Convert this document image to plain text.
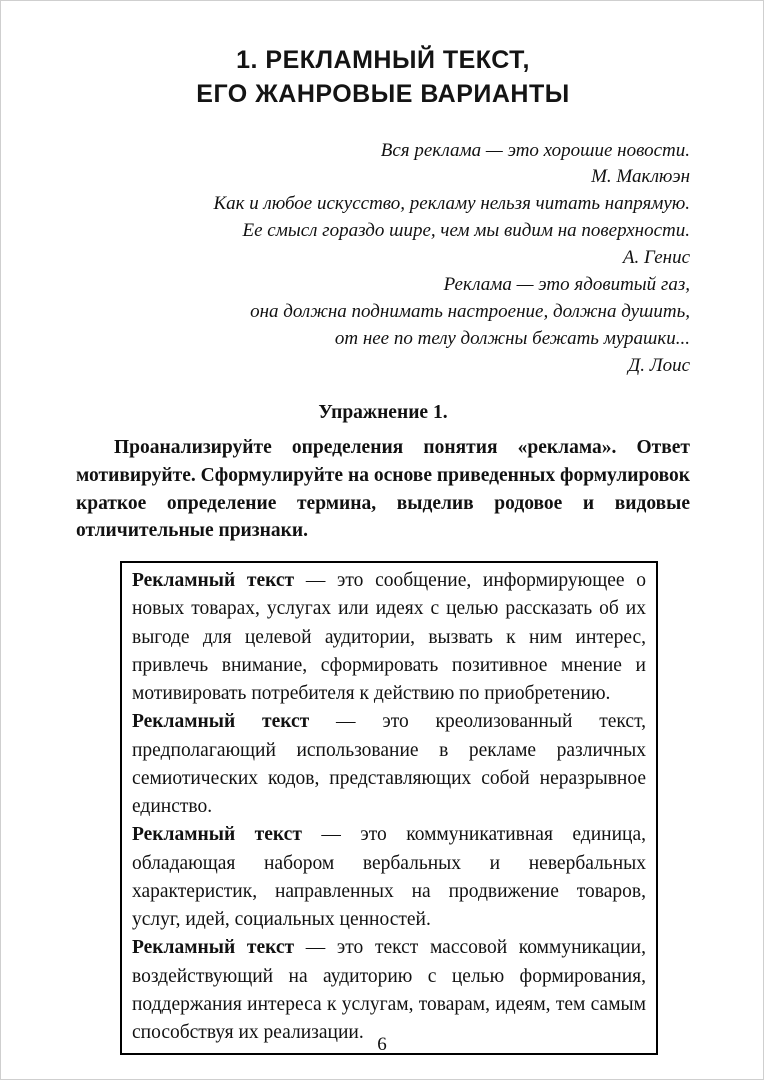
1. РЕКЛАМНЫЙ ТЕКСТ,
ЕГО ЖАНРОВЫЕ ВАРИАНТЫ
Вся реклама — это хорошие новости.
М. Маклюэн
Как и любое искусство, рекламу нельзя читать напрямую.
Ее смысл гораздо шире, чем мы видим на поверхности.
А. Генис
Реклама — это ядовитый газ,
она должна поднимать настроение, должна душить,
от нее по телу должны бежать мурашки...
Д. Лоис
Упражнение 1.

Проанализируйте определения понятия «реклама». Ответ мотивируйте. Сформулируйте на основе приведенных формулировок краткое определение термина, выделив родовое и видовые отличительные признаки.

Рекламный текст — это сообщение, информирующее о новых товарах, услугах или идеях с целью рассказать об их выгоде для целевой аудитории, вызвать к ним интерес, привлечь внимание, сформировать позитивное мнение и мотивировать потребителя к действию по приобретению.

Рекламный текст — это креолизованный текст, предполагающий использование в рекламе различных семиотических кодов, представляющих собой неразрывное единство.

Рекламный текст — это коммуникативная единица, обладающая набором вербальных и невербальных характеристик, направленных на продвижение товаров, услуг, идей, социальных ценностей.

Рекламный текст — это текст массовой коммуникации, воздействующий на аудиторию с целью формирования, поддержания интереса к услугам, товарам, идеям, тем самым способствуя их реализации.

6
